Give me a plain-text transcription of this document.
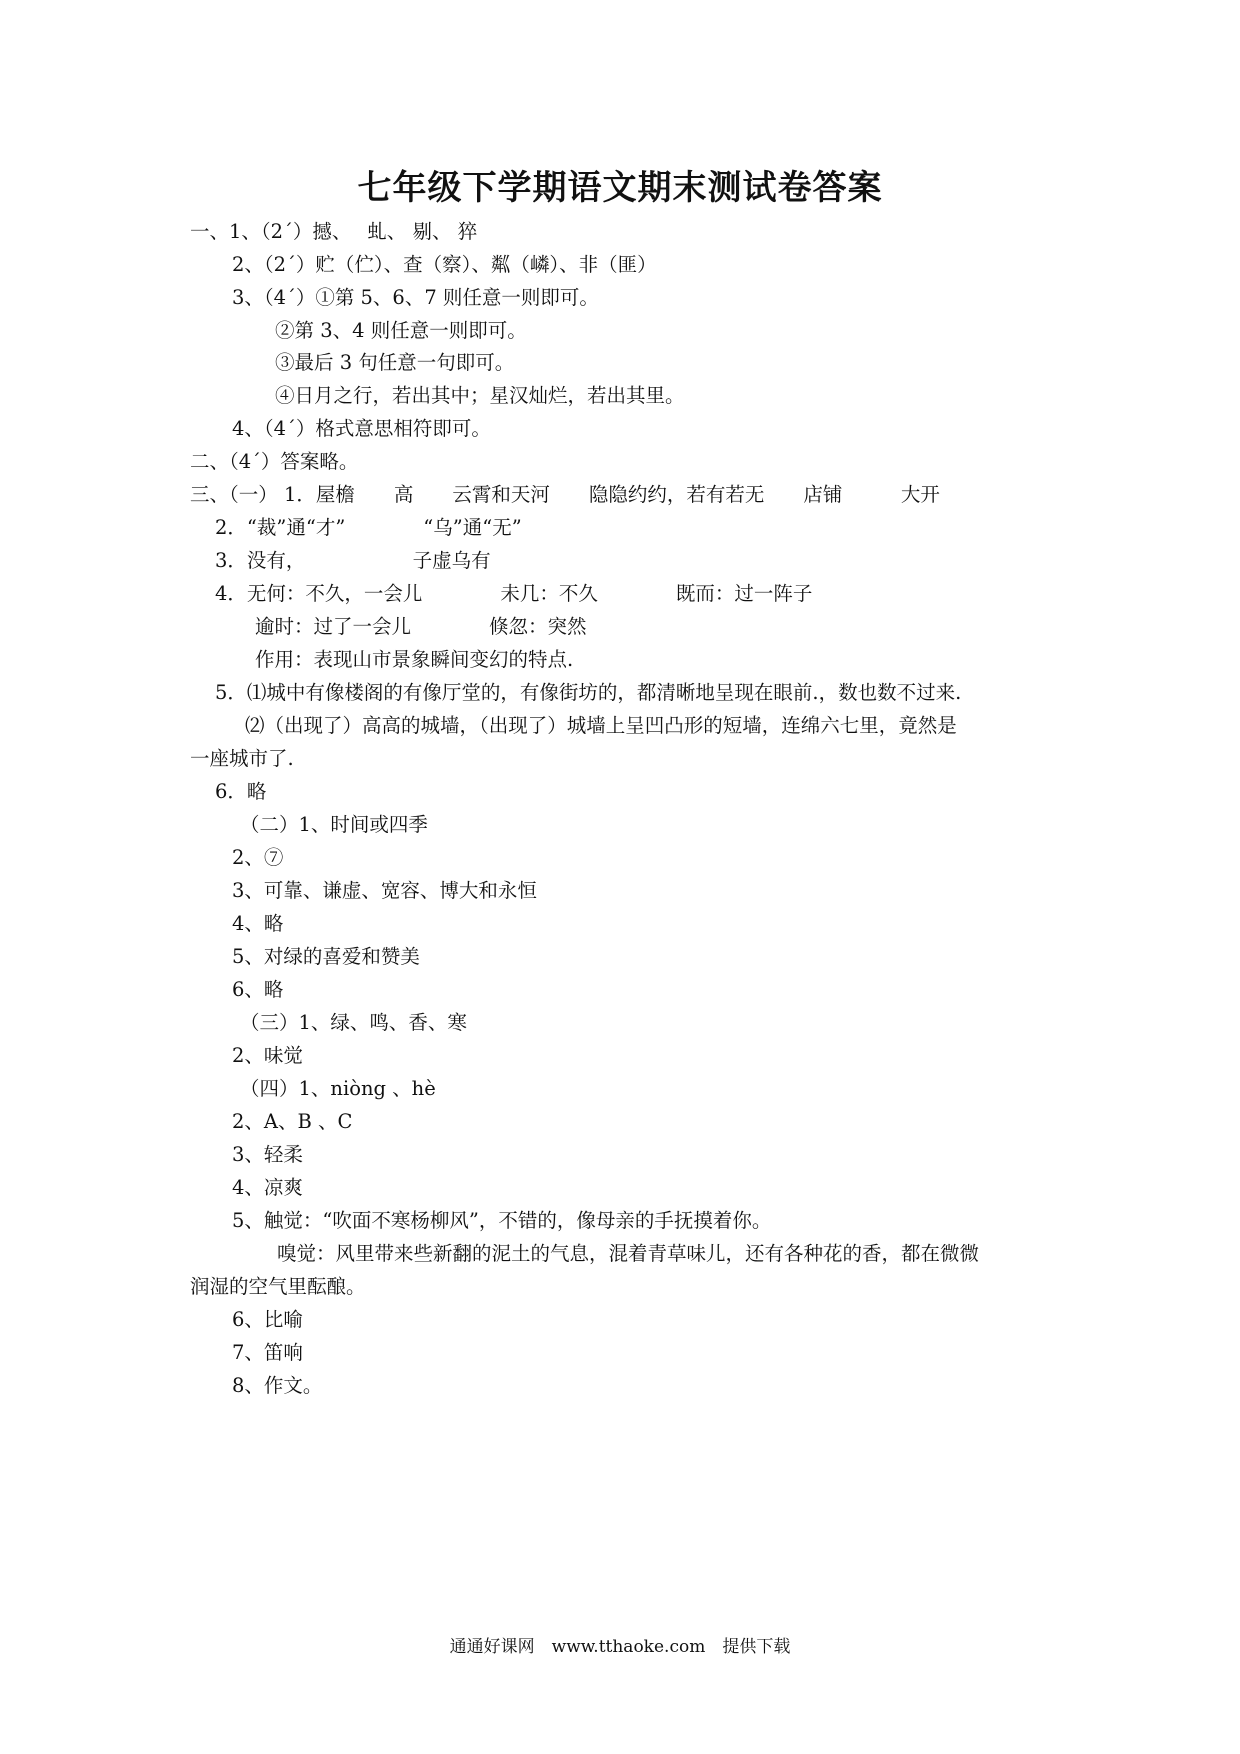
七年级下学期语文期末测试卷答案

一、1、（2´）撼、　 虬、 剔、 猝

2、（2´）贮（伫）、查（察）、粼（嶙）、非（匪）

3、（4´）①第 5、6、7 则任意一则即可。

②第 3、4 则任意一则即可。

③最后 3 句任意一句即可。

④日月之行，若出其中；星汉灿烂，若出其里。

4、（4´）格式意思相符即可。

二、（4´）答案略。

三、（一） 1．屋檐　　高　　云霄和天河　　隐隐约约，若有若无　　店铺　　　大开

2．“裁”通“才”　　　　“乌”通“无”

3．没有，　　　　　　子虚乌有

4．无何：不久，一会儿　　　　未几：不久　　　　既而：过一阵子

逾时：过了一会儿　　　　倏忽：突然

作用：表现山市景象瞬间变幻的特点.

5．⑴城中有像楼阁的有像厅堂的，有像街坊的，都清晰地呈现在眼前.，数也数不过来.

⑵（出现了）高高的城墙，（出现了）城墙上呈凹凸形的短墙，连绵六七里，竟然是

一座城市了.

6．略

（二）1、时间或四季

2、⑦

3、可靠、谦虚、宽容、博大和永恒

4、略

5、对绿的喜爱和赞美

6、略

（三）1、绿、鸣、香、寒

2、味觉

（四）1、niòng 、hè

2、A、B 、C

3、轻柔

4、凉爽

5、触觉：“吹面不寒杨柳风”，不错的，像母亲的手抚摸着你。

嗅觉：风里带来些新翻的泥土的气息，混着青草味儿，还有各种花的香，都在微微

润湿的空气里酝酿。

6、比喻

7、笛响

8、作文。

通通好课网　www.tthaoke.com　提供下载
